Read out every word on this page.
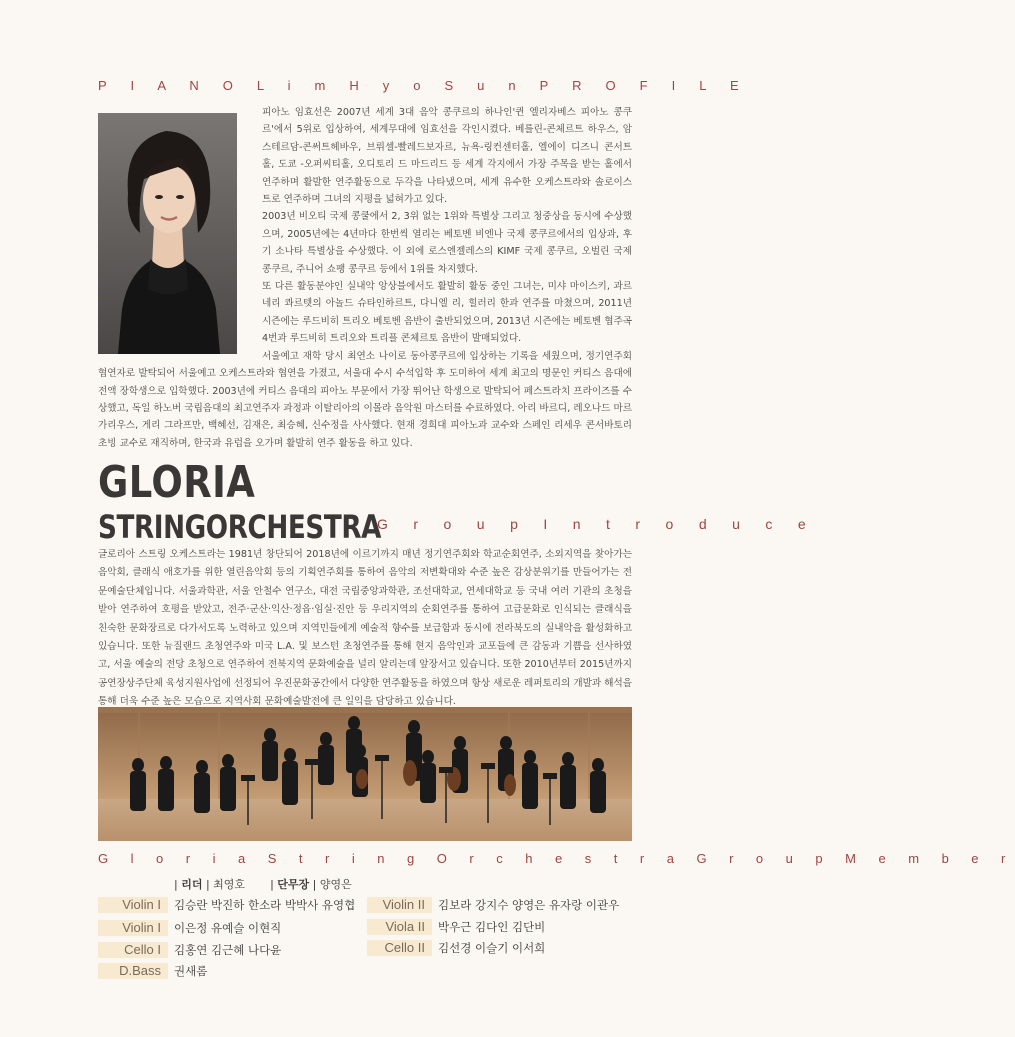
P I A N O L i m H y o S u n P R O F I L E

피아노 임효선은 2007년 세계 3대 음악 콩쿠르의 하나인'퀸 엘리자베스 피아노 콩쿠르'에서 5위로 입상하여, 세계무대에 임효선을 각인시켰다. 베를린-콘체르트 하우스, 암스테르담-콘써트헤바우, 브뤼셀-빨레드보자르, 뉴욕-링컨센터홀, 엘에이 디즈니 콘서트홀, 도쿄 -오퍼씨티홀, 오디토리 드 마드리드 등 세계 각지에서 가장 주목을 받는 홀에서 연주하며 활발한 연주활동으로 두각을 나타냈으며, 세계 유수한 오케스트라와 솔로이스트로 연주하며 그녀의 지평을 넓혀가고 있다.

2003년 비오티 국제 콩쿨에서 2, 3위 없는 1위와 특별상 그리고 청중상을 동시에 수상했으며, 2005년에는 4년마다 한번씩 열리는 베토벤 비엔나 국제 콩쿠르에서의 입상과, 후기 소나타 특별상을 수상했다. 이 외에 로스엔젤레스의 KIMF 국제 콩쿠르, 오벌린 국제 콩쿠르, 주니어 쇼팽 콩쿠르 등에서 1위를 차지했다.

또 다른 활동분야인 실내악 앙상블에서도 활발히 활동 중인 그녀는, 미샤 마이스키, 과르네리 콰르텟의 아놀드 슈타인하르트, 다니엘 리, 힐러리 한과 연주를 마쳤으며, 2011년 시즌에는 루드비히 트리오 베토벤 음반이 출반되었으며, 2013년 시즌에는 베토벤 협주곡 4번과 루드비히 트리오와 트리플 콘체르토 음반이 발매되었다.

서울예고 재학 당시 최연소 나이로 동아콩쿠르에 입상하는 기록을 세웠으며, 정기연주회 협연자로 발탁되어 서울예고 오케스트라와 협연을 가졌고, 서울대 수시 수석입학 후 도미하여 세계 최고의 명문인 커티스 음대에 전액 장학생으로 입학했다. 2003년에 커티스 음대의 피아노 부문에서 가장 뛰어난 학생으로 발탁되어 페스트라치 프라이즈를 수상했고, 독일 하노버 국립음대의 최고연주자 과정과 이탈리아의 이몰라 음악원 마스터를 수료하였다. 아리 바르디, 레오나드 마르가리우스, 게리 그라프만, 백혜선, 김재은, 최승혜, 신수정을 사사했다. 현재 경희대 피아노과 교수와 스페인 리세우 콘서바토리 초빙 교수로 재직하며, 한국과 유럽을 오가며 활발히 연주 활동을 하고 있다.

GLORIA
STRINGORCHESTRA
G r o u p I n t r o d u c e

글로리아 스트링 오케스트라는 1981년 창단되어 2018년에 이르기까지 매년 정기연주회와 학교순회연주, 소외지역을 찾아가는 음악회, 클래식 애호가를 위한 열린음악회 등의 기획연주회를 통하여 음악의 저변확대와 수준 높은 감상분위기를 만들어가는 전문예술단체입니다. 서울과학관, 서울 안철수 연구소, 대전 국립중앙과학관, 조선대학교, 연세대학교 등 국내 여러 기관의 초청을 받아 연주하여 호평을 받았고, 전주·군산·익산·정읍·임실·진안 등 우리지역의 순회연주를 통하여 고급문화로 인식되는 클래식을 친숙한 문화장르로 다가서도록 노력하고 있으며 지역민들에게 예술적 향수를 보급함과 동시에 전라북도의 실내악을 활성화하고 있습니다. 또한 뉴질랜드 초청연주와 미국 L.A. 및 보스턴 초청연주를 통해 현지 음악인과 교포들에 큰 감동과 기쁨을 선사하였고, 서울 예술의 전당 초청으로 연주하여 전북지역 문화예술을 널리 알리는데 앞장서고 있습니다. 또한 2010년부터 2015년까지 공연장상주단체 육성지원사업에 선정되어 우진문화공간에서 다양한 연주활동을 하였으며 항상 새로운 레퍼토리의 개발과 해석을 통해 더욱 수준 높은 모습으로 지역사회 문화예술발전에 큰 일익을 담당하고 있습니다.

G l o r i a S t r i n g O r c h e s t r a G r o u p M e m b e r
| 리더 | 최영호 | 단무장 | 양영은
Violin I	김승란 박진하 한소라 박박사 유영협
Violin I	이은정 유예슬 이현직
Cello I	김홍연 김근혜 나다윤
D.Bass	권새롬
Violin II	김보라 강지수 양영은 유자랑 이관우
Viola II	박우근 김다인 김단비
Cello II	김선경 이슬기 이서희
